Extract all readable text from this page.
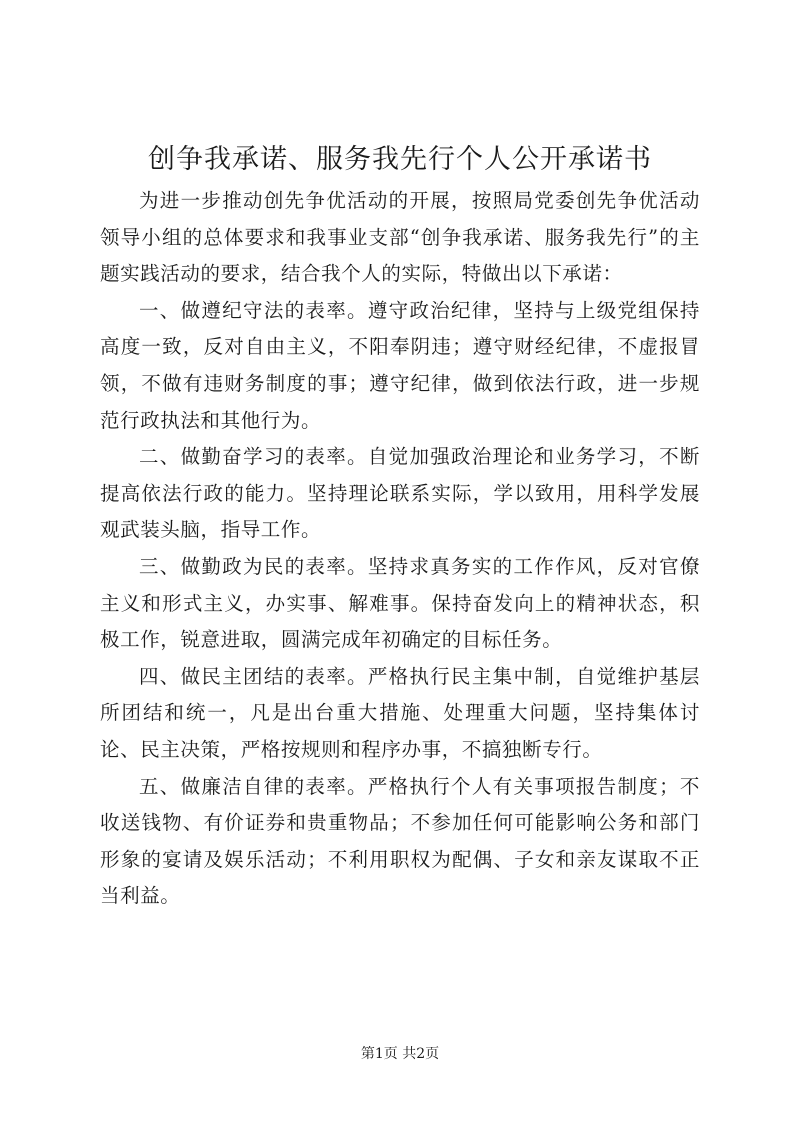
创争我承诺、服务我先行个人公开承诺书

为进一步推动创先争优活动的开展，按照局党委创先争优活动领导小组的总体要求和我事业支部“创争我承诺、服务我先行”的主题实践活动的要求，结合我个人的实际，特做出以下承诺：

一、做遵纪守法的表率。遵守政治纪律，坚持与上级党组保持高度一致，反对自由主义，不阳奉阴违；遵守财经纪律，不虚报冒领，不做有违财务制度的事；遵守纪律，做到依法行政，进一步规范行政执法和其他行为。

二、做勤奋学习的表率。自觉加强政治理论和业务学习，不断提高依法行政的能力。坚持理论联系实际，学以致用，用科学发展观武装头脑，指导工作。

三、做勤政为民的表率。坚持求真务实的工作作风，反对官僚主义和形式主义，办实事、解难事。保持奋发向上的精神状态，积极工作，锐意进取，圆满完成年初确定的目标任务。

四、做民主团结的表率。严格执行民主集中制，自觉维护基层所团结和统一，凡是出台重大措施、处理重大问题，坚持集体讨论、民主决策，严格按规则和程序办事，不搞独断专行。

五、做廉洁自律的表率。严格执行个人有关事项报告制度；不收送钱物、有价证券和贵重物品；不参加任何可能影响公务和部门形象的宴请及娱乐活动；不利用职权为配偶、子女和亲友谋取不正当利益。

第1页 共2页
